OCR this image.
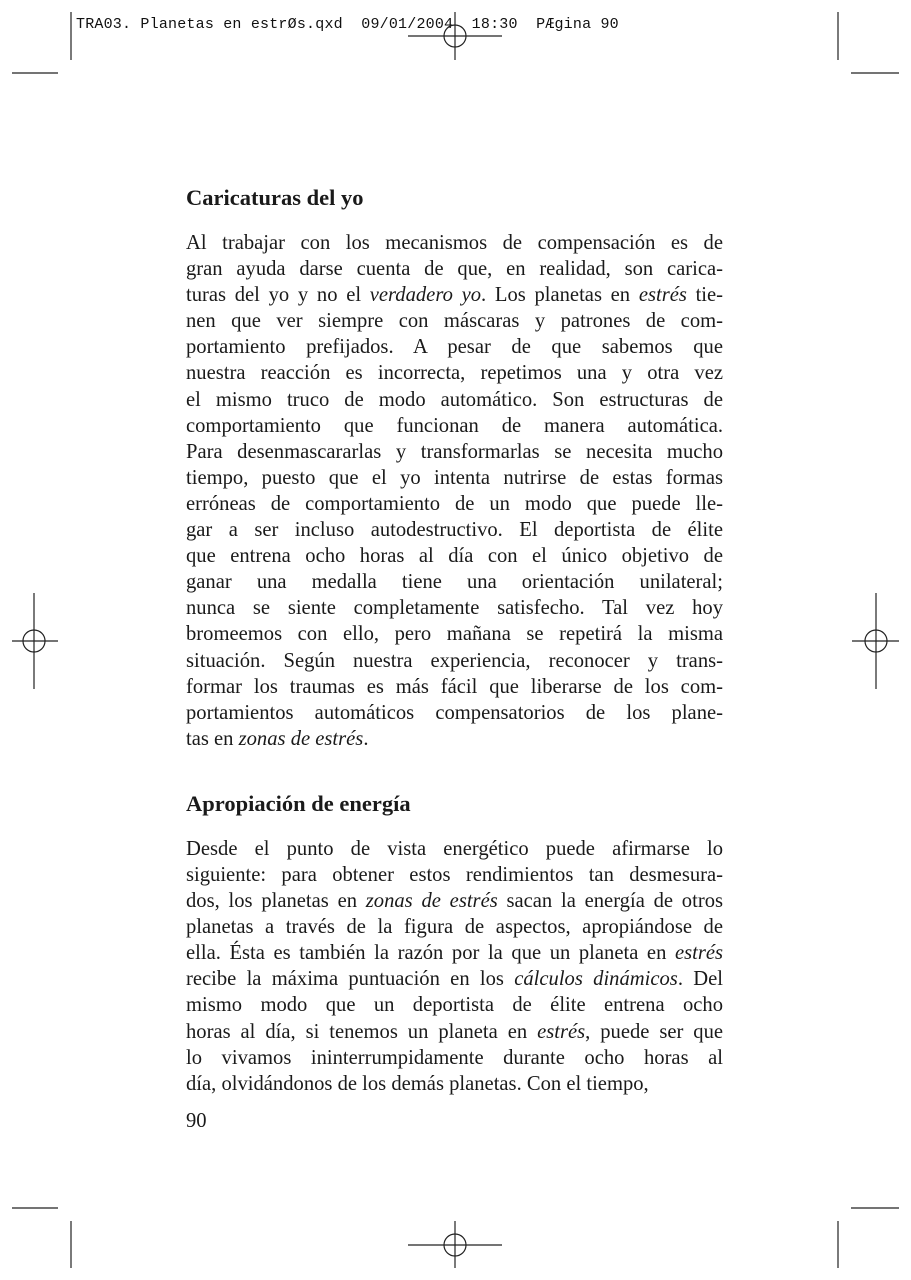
TRA03. Planetas en estrØs.qxd  09/01/2004  18:30  PÆgina 90
Caricaturas del yo
Al trabajar con los mecanismos de compensación es de
gran ayuda darse cuenta de que, en realidad, son carica-
turas del yo y no el verdadero yo. Los planetas en estrés tie-
nen que ver siempre con máscaras y patrones de com-
portamiento prefijados. A pesar de que sabemos que
nuestra reacción es incorrecta, repetimos una y otra vez
el mismo truco de modo automático. Son estructuras de
comportamiento que funcionan de manera automática.
Para desenmascararlas y transformarlas se necesita mucho
tiempo, puesto que el yo intenta nutrirse de estas formas
erróneas de comportamiento de un modo que puede lle-
gar a ser incluso autodestructivo. El deportista de élite
que entrena ocho horas al día con el único objetivo de
ganar una medalla tiene una orientación unilateral;
nunca se siente completamente satisfecho. Tal vez hoy
bromeemos con ello, pero mañana se repetirá la misma
situación. Según nuestra experiencia, reconocer y trans-
formar los traumas es más fácil que liberarse de los com-
portamientos automáticos compensatorios de los plane-
tas en zonas de estrés.
Apropiación de energía
Desde el punto de vista energético puede afirmarse lo
siguiente: para obtener estos rendimientos tan desmesura-
dos, los planetas en zonas de estrés sacan la energía de otros
planetas a través de la figura de aspectos, apropiándose de
ella. Ésta es también la razón por la que un planeta en estrés
recibe la máxima puntuación en los cálculos dinámicos. Del
mismo modo que un deportista de élite entrena ocho
horas al día, si tenemos un planeta en estrés, puede ser que
lo vivamos ininterrumpidamente durante ocho horas al
día, olvidándonos de los demás planetas. Con el tiempo,
90
